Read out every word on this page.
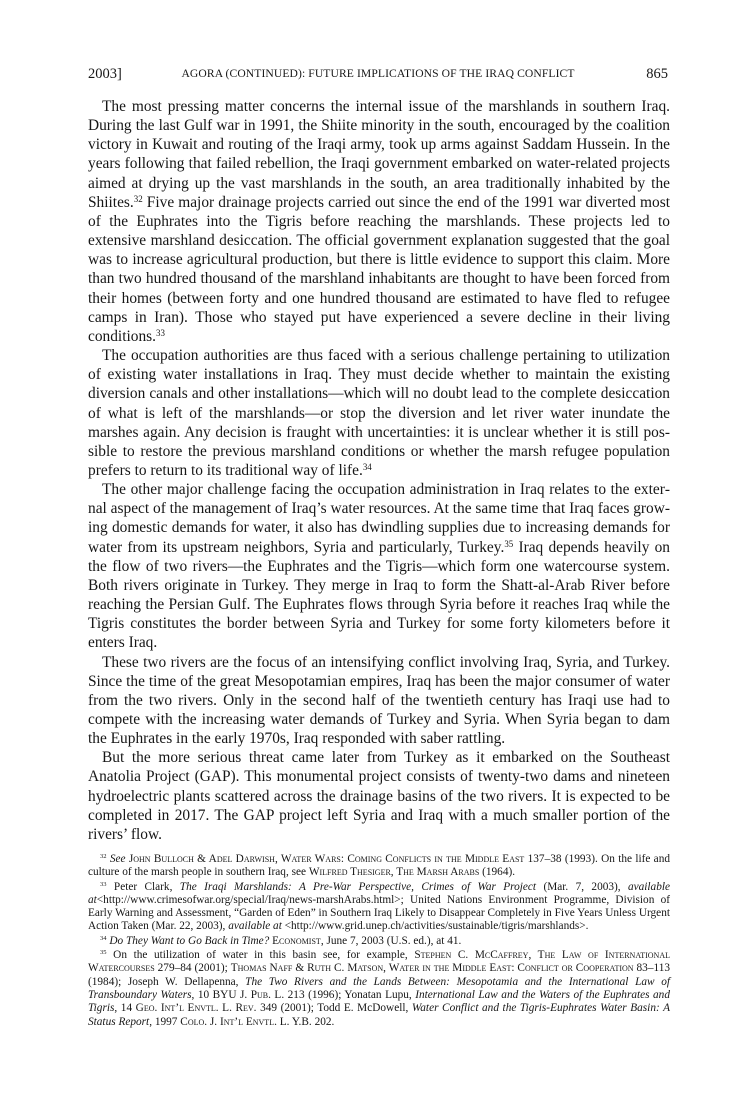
2003]	AGORA (CONTINUED): FUTURE IMPLICATIONS OF THE IRAQ CONFLICT	865

The most pressing matter concerns the internal issue of the marshlands in southern Iraq. During the last Gulf war in 1991, the Shiite minority in the south, encouraged by the coalition victory in Kuwait and routing of the Iraqi army, took up arms against Saddam Hussein. In the years following that failed rebellion, the Iraqi government embarked on water-related projects aimed at drying up the vast marshlands in the south, an area traditionally inhabited by the Shiites.$^{32}$ Five major drainage projects carried out since the end of the 1991 war diverted most of the Euphrates into the Tigris before reaching the marshlands. These projects led to extensive marshland desiccation. The official government explanation suggested that the goal was to increase agricultural production, but there is little evidence to support this claim. More than two hundred thousand of the marshland inhabitants are thought to have been forced from their homes (between forty and one hundred thousand are estimated to have fled to refugee camps in Iran). Those who stayed put have experienced a severe decline in their living conditions.$^{33}$

The occupation authorities are thus faced with a serious challenge pertaining to utilization of existing water installations in Iraq. They must decide whether to maintain the existing diversion canals and other installations—which will no doubt lead to the complete desiccation of what is left of the marshlands—or stop the diversion and let river water inundate the marshes again. Any decision is fraught with uncertainties: it is unclear whether it is still possible to restore the previous marshland conditions or whether the marsh refugee population prefers to return to its traditional way of life.$^{34}$

The other major challenge facing the occupation administration in Iraq relates to the external aspect of the management of Iraq’s water resources. At the same time that Iraq faces growing domestic demands for water, it also has dwindling supplies due to increasing demands for water from its upstream neighbors, Syria and particularly, Turkey.$^{35}$ Iraq depends heavily on the flow of two rivers—the Euphrates and the Tigris—which form one watercourse system. Both rivers originate in Turkey. They merge in Iraq to form the Shatt-al-Arab River before reaching the Persian Gulf. The Euphrates flows through Syria before it reaches Iraq while the Tigris constitutes the border between Syria and Turkey for some forty kilometers before it enters Iraq.

These two rivers are the focus of an intensifying conflict involving Iraq, Syria, and Turkey. Since the time of the great Mesopotamian empires, Iraq has been the major consumer of water from the two rivers. Only in the second half of the twentieth century has Iraqi use had to compete with the increasing water demands of Turkey and Syria. When Syria began to dam the Euphrates in the early 1970s, Iraq responded with saber rattling.

But the more serious threat came later from Turkey as it embarked on the Southeast Anatolia Project (GAP). This monumental project consists of twenty-two dams and nineteen hydroelectric plants scattered across the drainage basins of the two rivers. It is expected to be completed in 2017. The GAP project left Syria and Iraq with a much smaller portion of the rivers’ flow.

$^{32}$ See John Bulloch & Adel Darwish, Water Wars: Coming Conflicts in the Middle East 137–38 (1993). On the life and culture of the marsh people in southern Iraq, see Wilfred Thesiger, The Marsh Arabs (1964).

$^{33}$ Peter Clark, The Iraqi Marshlands: A Pre-War Perspective, Crimes of War Project (Mar. 7, 2003), available at<http://www.crimesofwar.org/special/Iraq/news-marshArabs.html>; United Nations Environment Programme, Division of Early Warning and Assessment, “Garden of Eden” in Southern Iraq Likely to Disappear Completely in Five Years Unless Urgent Action Taken (Mar. 22, 2003), available at <http://www.grid.unep.ch/activities/sustainable/tigris/marshlands>.

$^{34}$ Do They Want to Go Back in Time? Economist, June 7, 2003 (U.S. ed.), at 41.

$^{35}$ On the utilization of water in this basin see, for example, Stephen C. McCaffrey, The Law of International Watercourses 279–84 (2001); Thomas Naff & Ruth C. Matson, Water in the Middle East: Conflict or Cooperation 83–113 (1984); Joseph W. Dellapenna, The Two Rivers and the Lands Between: Mesopotamia and the International Law of Transboundary Waters, 10 BYU J. Pub. L. 213 (1996); Yonatan Lupu, International Law and the Waters of the Euphrates and Tigris, 14 Geo. Int’l Envtl. L. Rev. 349 (2001); Todd E. McDowell, Water Conflict and the Tigris-Euphrates Water Basin: A Status Report, 1997 Colo. J. Int’l Envtl. L. Y.B. 202.
